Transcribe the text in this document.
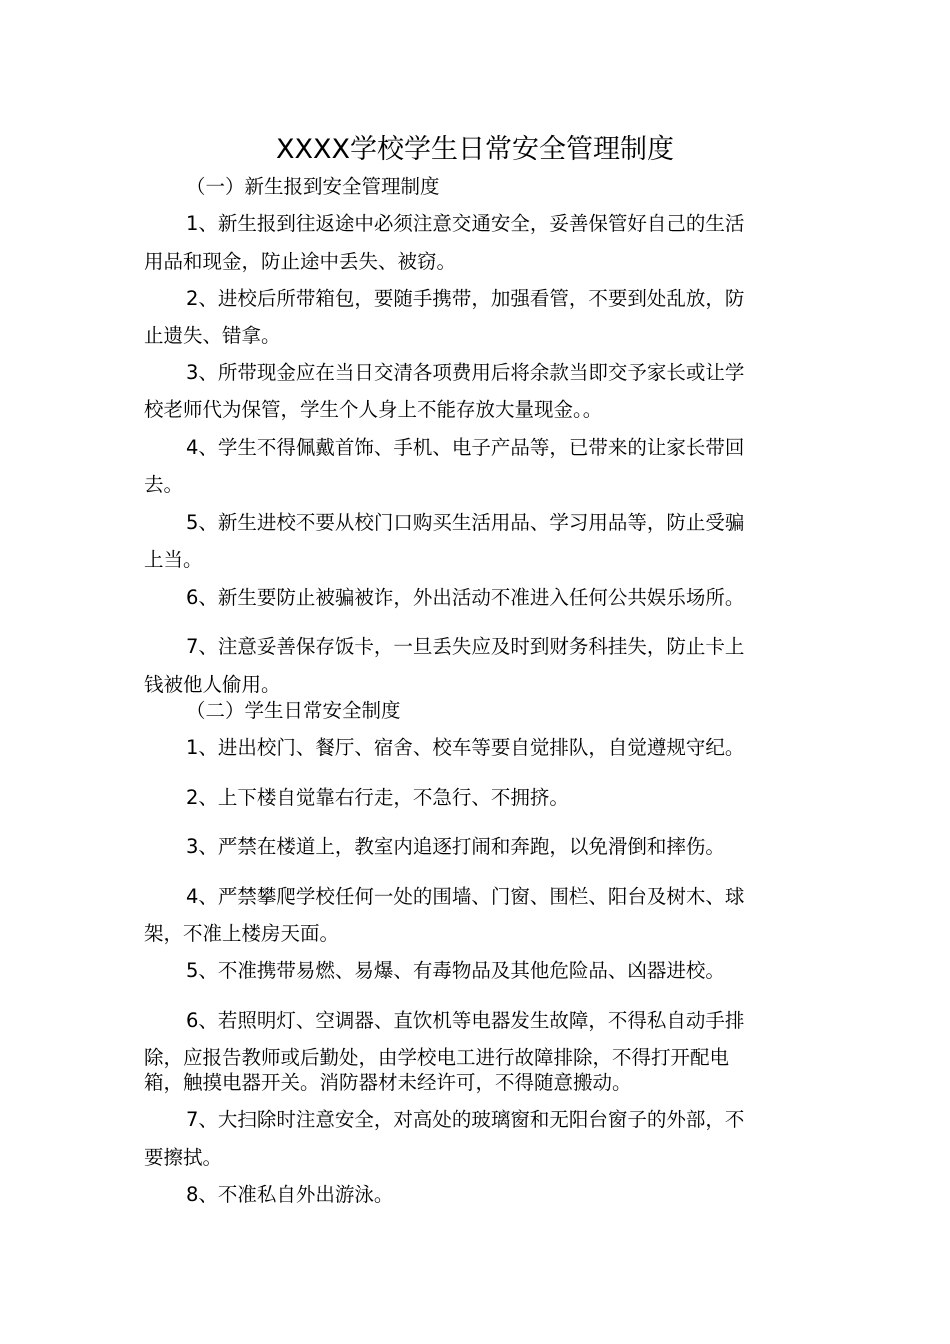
XXXX学校学生日常安全管理制度
（一）新生报到安全管理制度
1、新生报到往返途中必须注意交通安全，妥善保管好自己的生活
用品和现金，防止途中丢失、被窃。
2、进校后所带箱包，要随手携带，加强看管，不要到处乱放，防
止遗失、错拿。
3、所带现金应在当日交清各项费用后将余款当即交予家长或让学
校老师代为保管，学生个人身上不能存放大量现金。。
4、学生不得佩戴首饰、手机、电子产品等，已带来的让家长带回
去。
5、新生进校不要从校门口购买生活用品、学习用品等，防止受骗
上当。
6、新生要防止被骗被诈，外出活动不准进入任何公共娱乐场所。
7、注意妥善保存饭卡，一旦丢失应及时到财务科挂失，防止卡上
钱被他人偷用。
（二）学生日常安全制度
1、进出校门、餐厅、宿舍、校车等要自觉排队，自觉遵规守纪。
2、上下楼自觉靠右行走，不急行、不拥挤。
3、严禁在楼道上，教室内追逐打闹和奔跑，以免滑倒和摔伤。
4、严禁攀爬学校任何一处的围墙、门窗、围栏、阳台及树木、球
架，不准上楼房天面。
5、不准携带易燃、易爆、有毒物品及其他危险品、凶器进校。
6、若照明灯、空调器、直饮机等电器发生故障，不得私自动手排
除，应报告教师或后勤处，由学校电工进行故障排除，不得打开配电
箱，触摸电器开关。消防器材未经许可，不得随意搬动。
7、大扫除时注意安全，对高处的玻璃窗和无阳台窗子的外部，不
要擦拭。
8、不准私自外出游泳。
